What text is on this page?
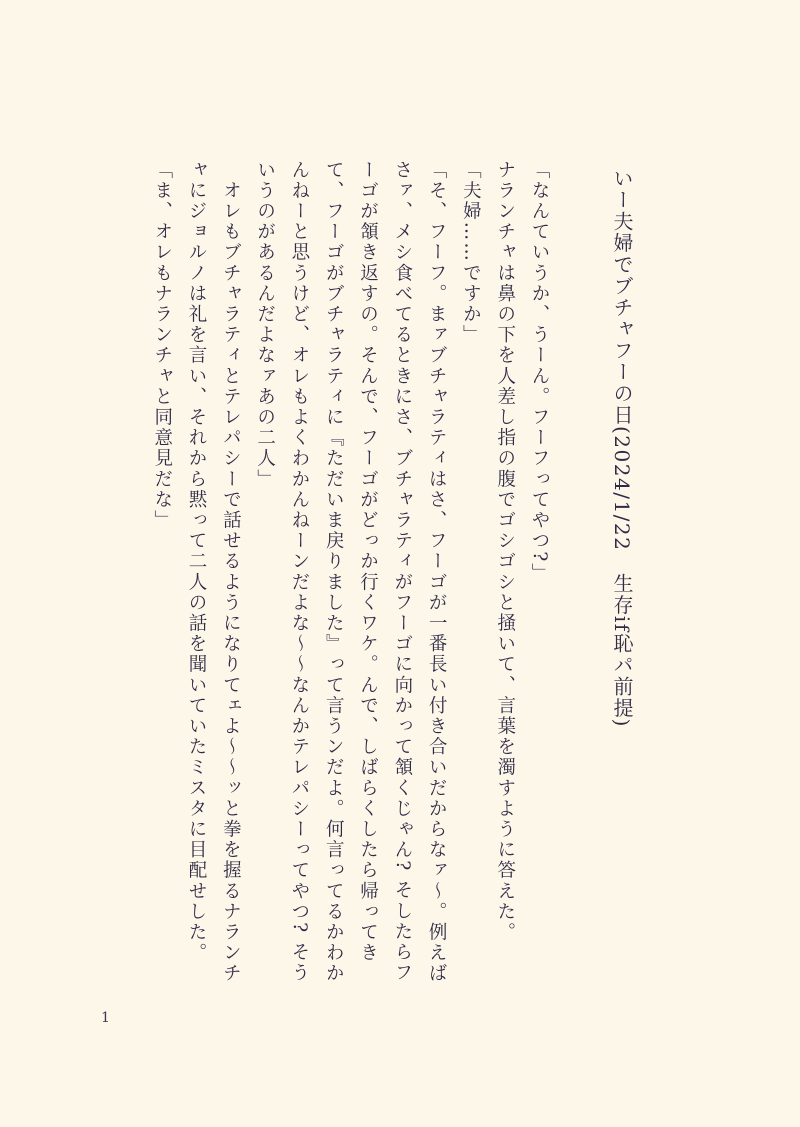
いー夫婦でブチャフーの日(2024/1/22　生存if恥パ前提)

「なんていうか、うーん。フーフってやつ?」

ナランチャは鼻の下を人差し指の腹でゴシゴシと掻いて、言葉を濁すように答えた。

「夫婦……ですか」

「そ、フーフ。まァブチャラティはさ、フーゴが一番長い付き合いだからなァ〜。例えばさァ、メシ食べてるときにさ、ブチャラティがフーゴに向かって頷くじゃん? そしたらフーゴが頷き返すの。そんで、フーゴがどっか行くワケ。んで、しばらくしたら帰ってきて、フーゴがブチャラティに『ただいま戻りました』って言うンだよ。何言ってるかわかんねーと思うけど、オレもよくわかんねーンだよな〜〜なんかテレパシーってやつ? そういうのがあるんだよなァあの二人」

　オレもブチャラティとテレパシーで話せるようになりてェよ〜〜ッと拳を握るナランチャにジョルノは礼を言い、それから黙って二人の話を聞いていたミスタに目配せした。

「ま、オレもナランチャと同意見だな」

1
